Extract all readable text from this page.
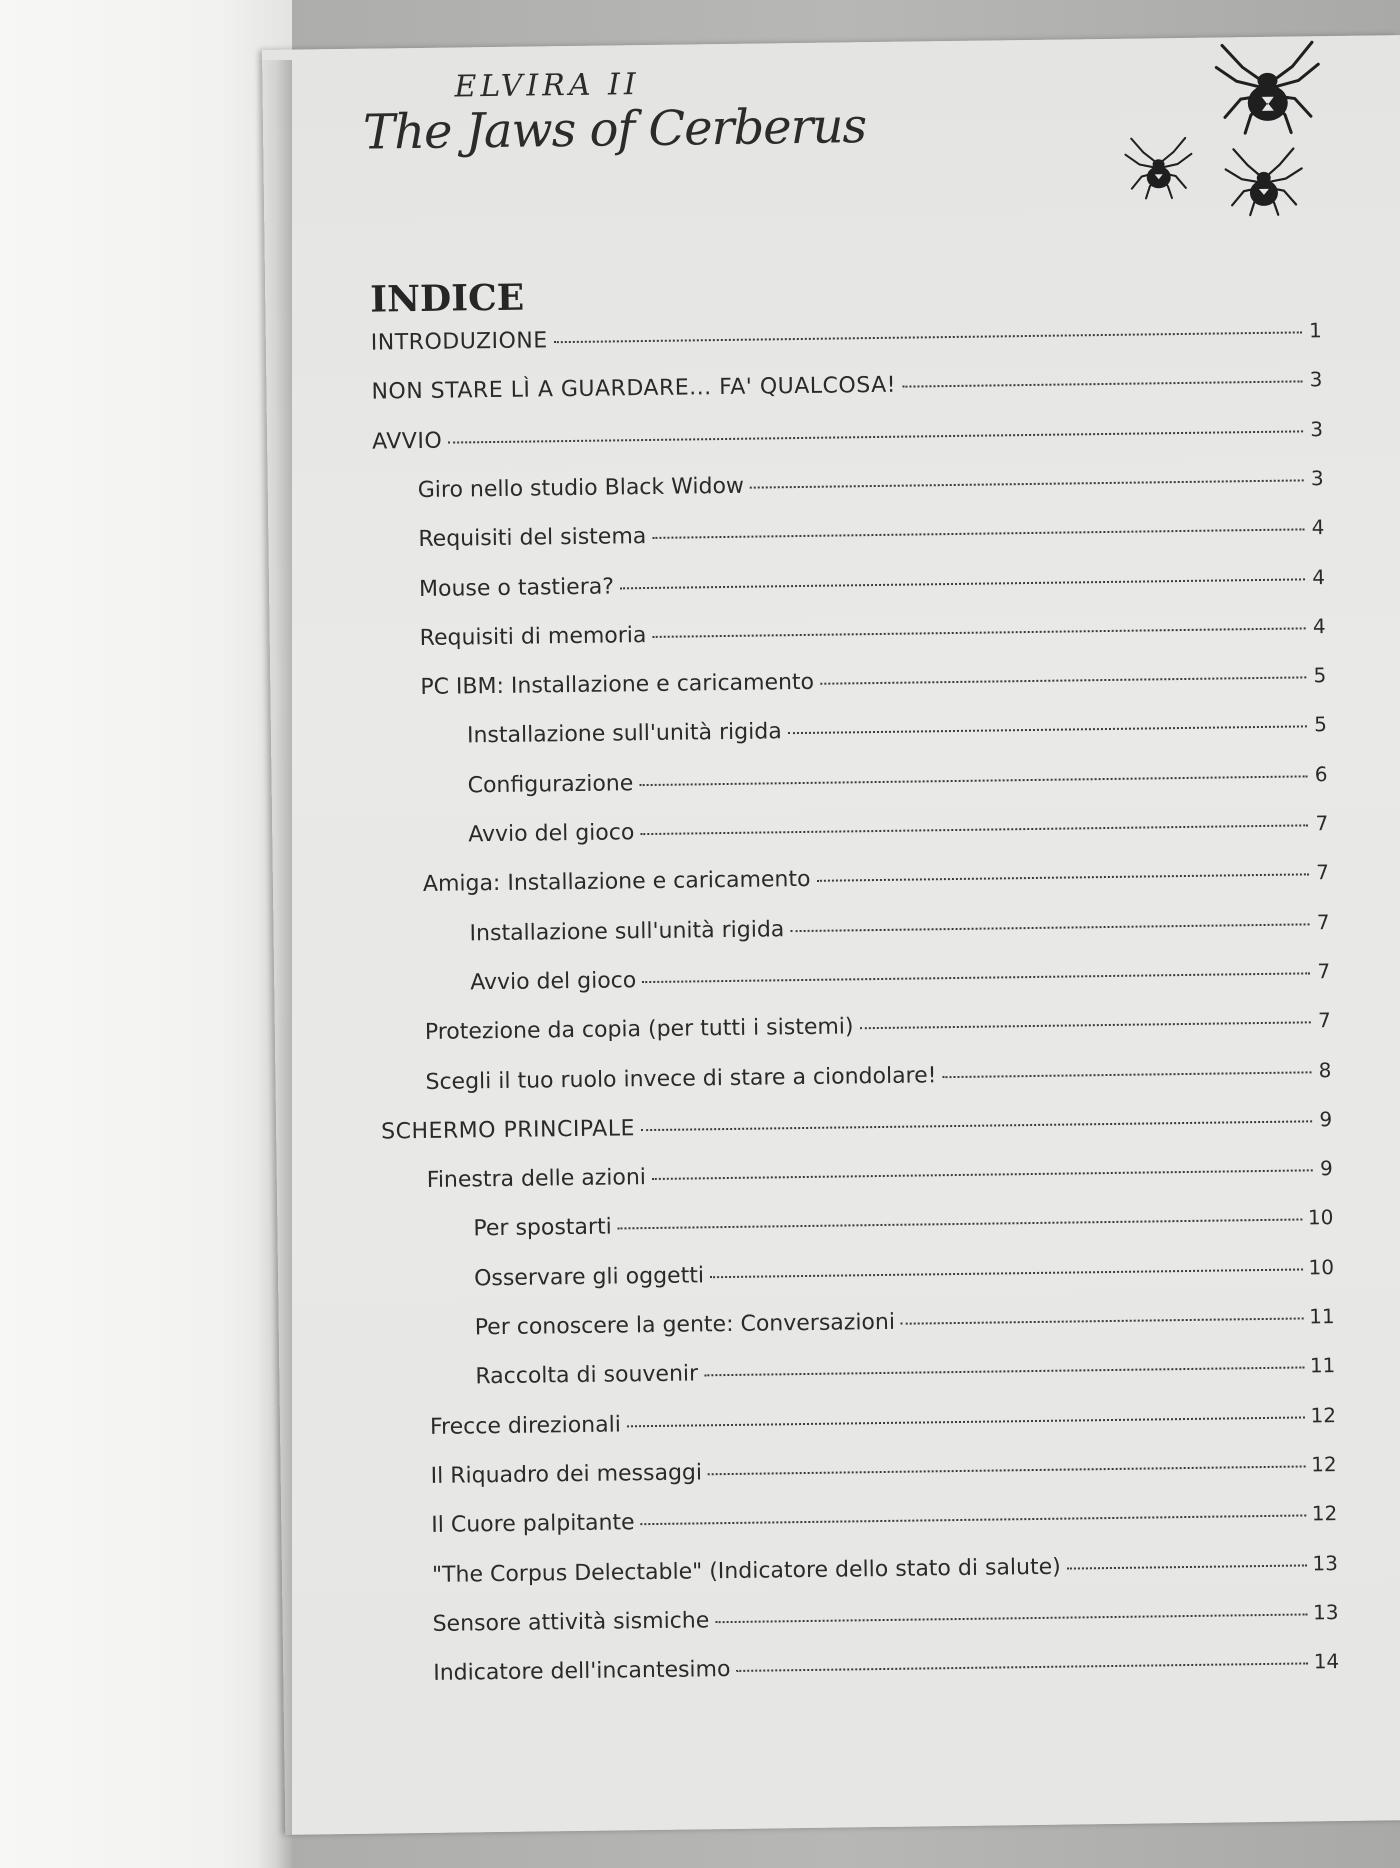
ELVIRA II
The Jaws of Cerberus
INDICE
INTRODUZIONE	1
NON STARE LÌ A GUARDARE... FA' QUALCOSA!	3
AVVIO	3
Giro nello studio Black Widow	3
Requisiti del sistema	4
Mouse o tastiera?	4
Requisiti di memoria	4
PC IBM: Installazione e caricamento	5
Installazione sull'unità rigida	5
Configurazione	6
Avvio del gioco	7
Amiga: Installazione e caricamento	7
Installazione sull'unità rigida	7
Avvio del gioco	7
Protezione da copia (per tutti i sistemi)	7
Scegli il tuo ruolo invece di stare a ciondolare!	8
SCHERMO PRINCIPALE	9
Finestra delle azioni	9
Per spostarti	10
Osservare gli oggetti	10
Per conoscere la gente: Conversazioni	11
Raccolta di souvenir	11
Frecce direzionali	12
Il Riquadro dei messaggi	12
Il Cuore palpitante	12
"The Corpus Delectable" (Indicatore dello stato di salute)	13
Sensore attività sismiche	13
Indicatore dell'incantesimo	14
